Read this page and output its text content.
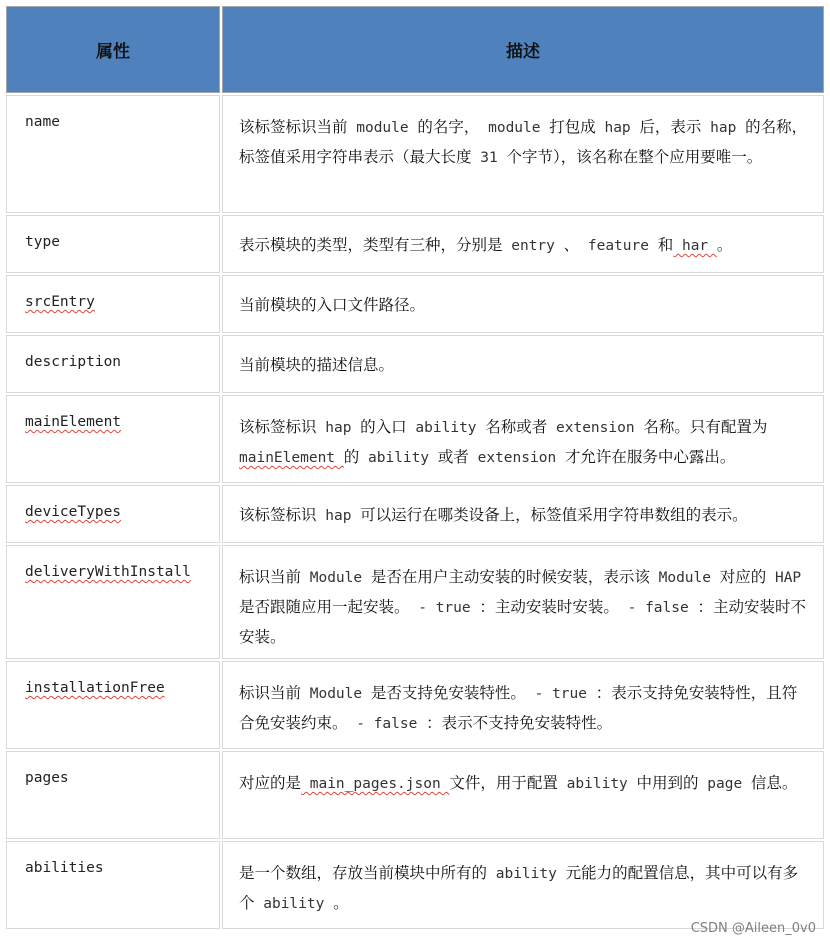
属性	描述
name	该标签标识当前 module 的名字， module 打包成 hap 后，表示 hap 的名称，标签值采用字符串表示（最大长度 31 个字节），该名称在整个应用要唯一。
type	表示模块的类型，类型有三种，分别是 entry 、 feature 和 har 。
srcEntry	当前模块的入口文件路径。
description	当前模块的描述信息。
mainElement	该标签标识 hap 的入口 ability 名称或者 extension 名称。只有配置为 mainElement 的 ability 或者 extension 才允许在服务中心露出。
deviceTypes	该标签标识 hap 可以运行在哪类设备上，标签值采用字符串数组的表示。
deliveryWithInstall	标识当前 Module 是否在用户主动安装的时候安装，表示该 Module 对应的 HAP 是否跟随应用一起安装。 - true ：主动安装时安装。 - false ：主动安装时不安装。
installationFree	标识当前 Module 是否支持免安装特性。 - true ：表示支持免安装特性，且符合免安装约束。 - false ：表示不支持免安装特性。
pages	对应的是 main_pages.json 文件，用于配置 ability 中用到的 page 信息。
abilities	是一个数组，存放当前模块中所有的 ability 元能力的配置信息，其中可以有多个 ability 。
CSDN @Aileen_0v0
